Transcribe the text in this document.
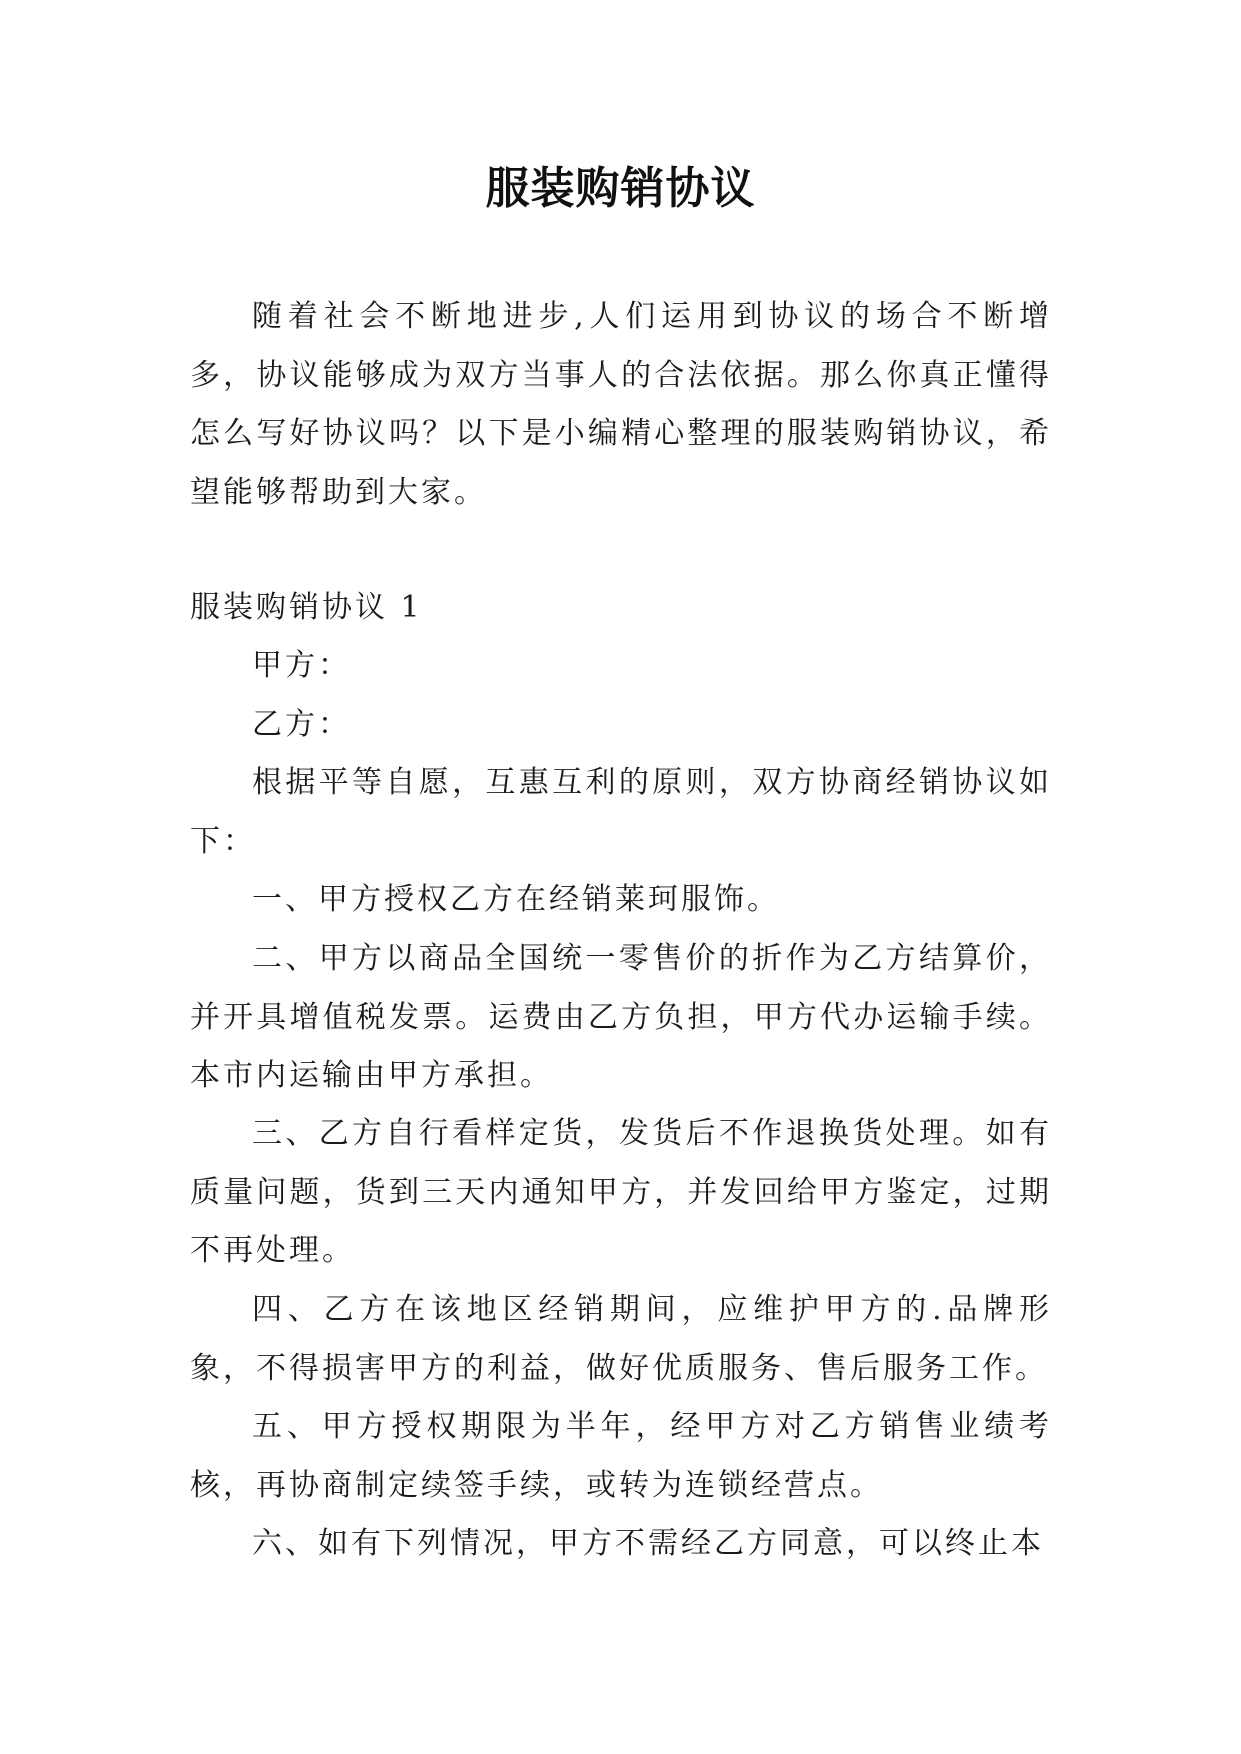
服装购销协议

随着社会不断地进步,人们运用到协议的场合不断增多，协议能够成为双方当事人的合法依据。那么你真正懂得怎么写好协议吗？以下是小编精心整理的服装购销协议，希望能够帮助到大家。

服装购销协议 1

甲方：

乙方：

根据平等自愿，互惠互利的原则，双方协商经销协议如下：

一、甲方授权乙方在经销莱珂服饰。

二、甲方以商品全国统一零售价的折作为乙方结算价，并开具增值税发票。运费由乙方负担，甲方代办运输手续。本市内运输由甲方承担。

三、乙方自行看样定货，发货后不作退换货处理。如有质量问题，货到三天内通知甲方，并发回给甲方鉴定，过期不再处理。

四、乙方在该地区经销期间，应维护甲方的.品牌形象，不得损害甲方的利益，做好优质服务、售后服务工作。

五、甲方授权期限为半年，经甲方对乙方销售业绩考核，再协商制定续签手续，或转为连锁经营点。

六、如有下列情况，甲方不需经乙方同意，可以终止本
